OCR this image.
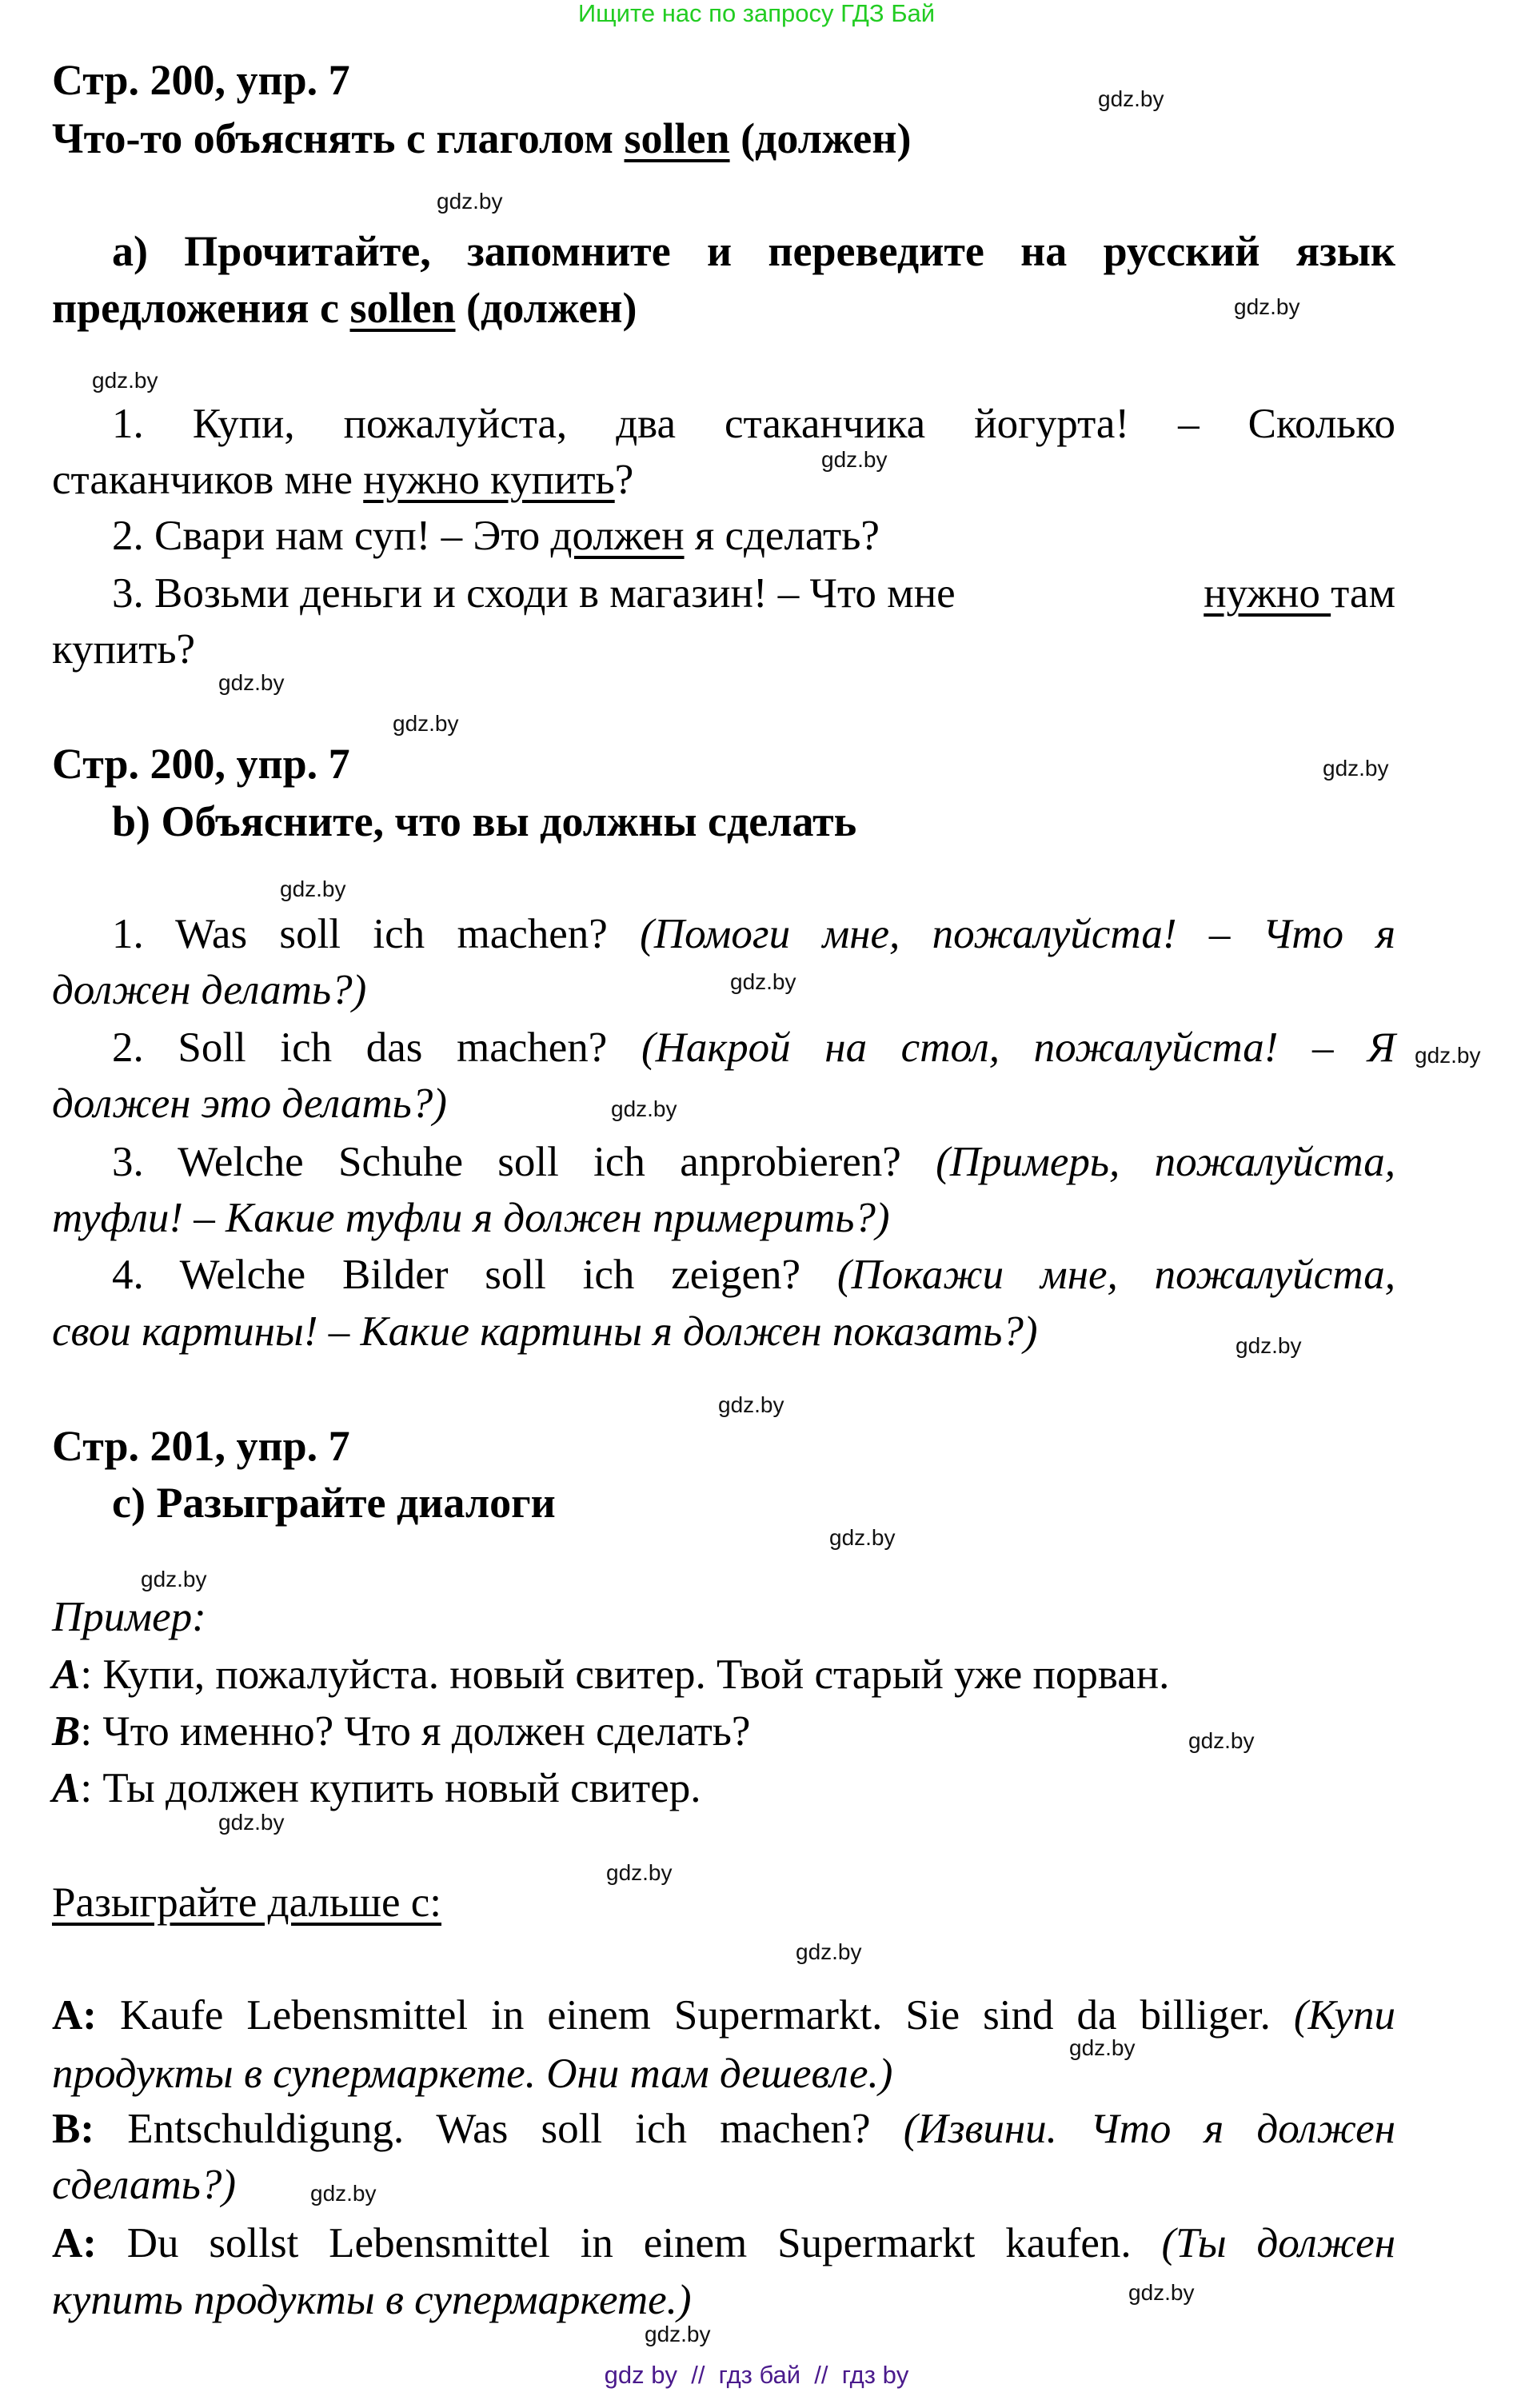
Ищите нас по запросу ГДЗ Бай
Стр. 200, упр. 7
Что-то объяснять с глаголом sollen (должен)
a) Прочитайте, запомните и переведите на русский язык
предложения с sollen (должен)
1. Купи, пожалуйста, два стаканчика йогурта! – Сколько
стаканчиков мне нужно купить?
2. Свари нам суп! – Это должен я сделать?
3. Возьми деньги и сходи в магазин! – Что мне	нужно там
купить?
Стр. 200, упр. 7
b) Объясните, что вы должны сделать
1. Was soll ich machen? (Помоги мне, пожалуйста! – Что я
должен делать?)
2. Soll ich das machen? (Накрой на стол, пожалуйста! – Я
должен это делать?)
3. Welche Schuhe soll ich anprobieren? (Примерь, пожалуйста,
туфли! – Какие туфли я должен примерить?)
4. Welche Bilder soll ich zeigen? (Покажи мне, пожалуйста,
свои картины! – Какие картины я должен показать?)
Стр. 201, упр. 7
c) Разыграйте диалоги
Пример:
A: Купи, пожалуйста. новый свитер. Твой старый уже порван.
B: Что именно? Что я должен сделать?
A: Ты должен купить новый свитер.
Разыграйте дальше с:
A: Kaufe Lebensmittel in einem Supermarkt. Sie sind da billiger. (Купи
продукты в супермаркете. Они там дешевле.)
B: Entschuldigung. Was soll ich machen? (Извини. Что я должен
сделать?)
A: Du sollst Lebensmittel in einem Supermarkt kaufen. (Ты должен
купить продукты в супермаркете.)
gdz.by
gdz.by
gdz.by
gdz.by
gdz.by
gdz.by
gdz.by
gdz.by
gdz.by
gdz.by
gdz.by
gdz.by
gdz.by
gdz.by
gdz.by
gdz.by
gdz.by
gdz.by
gdz.by
gdz.by
gdz.by
gdz.by
gdz.by
gdz.by
gdz by  //  гдз бай  //  гдз by
